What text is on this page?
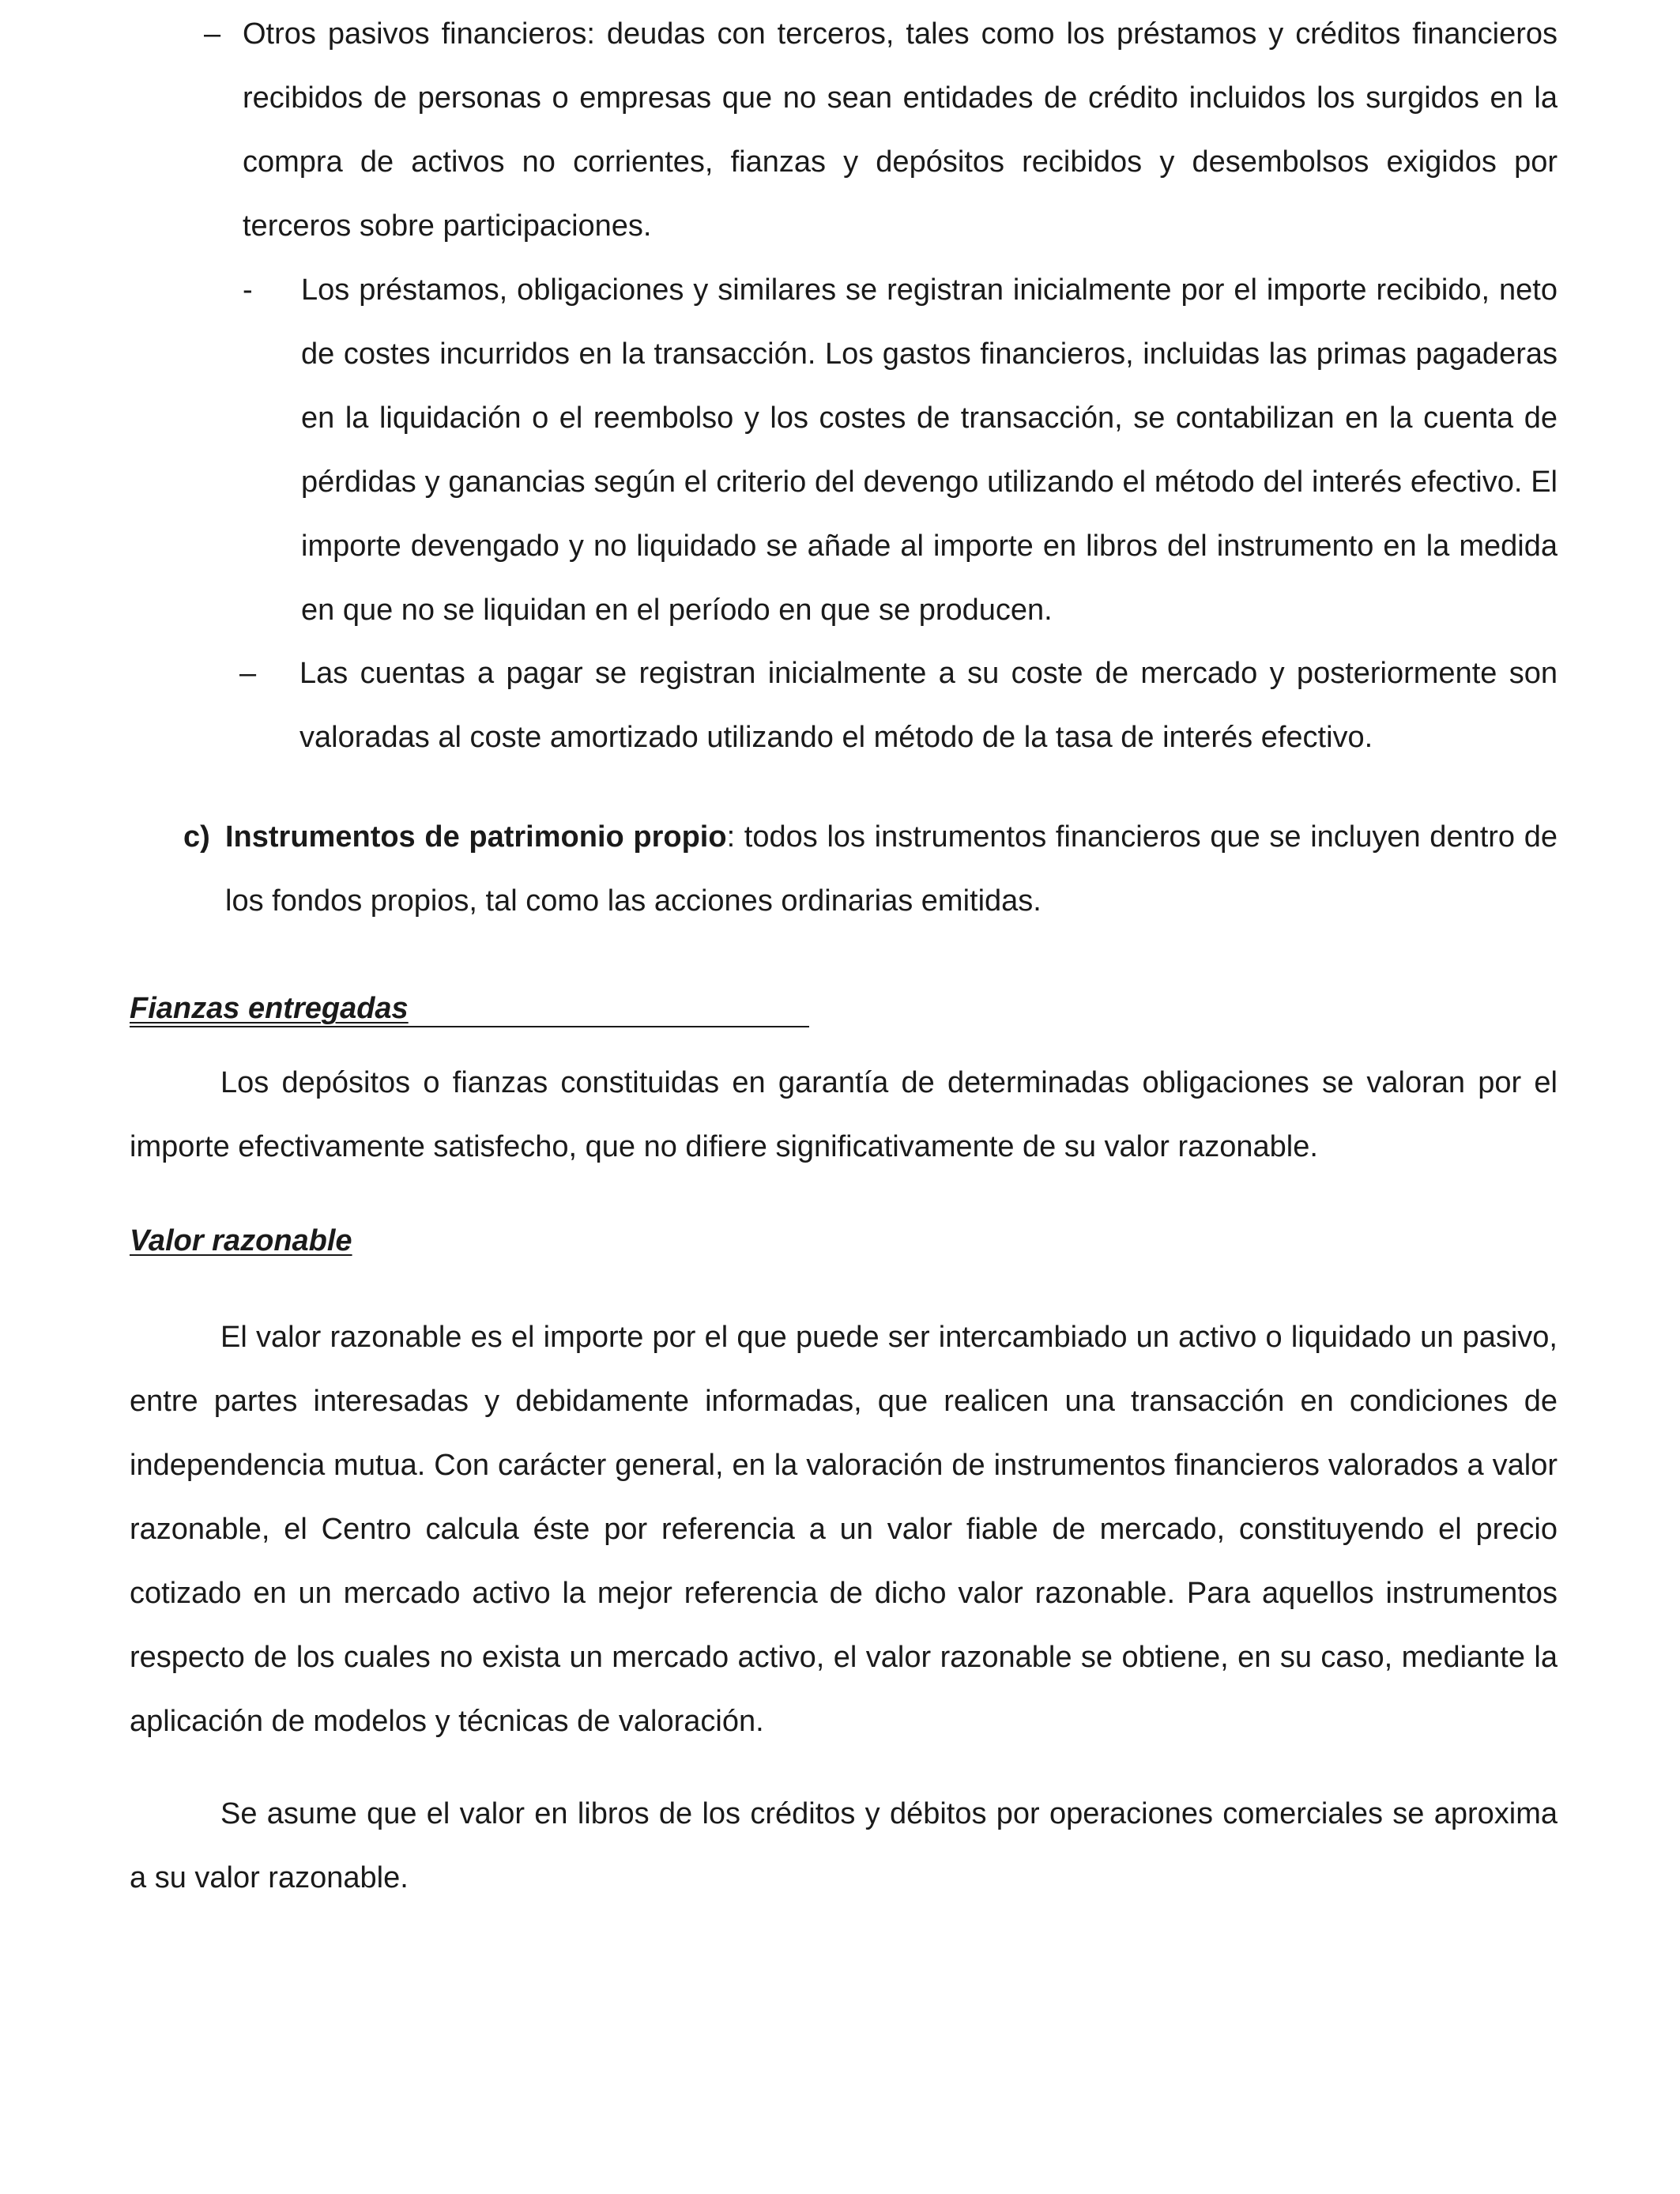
– Otros pasivos financieros: deudas con terceros, tales como los préstamos y créditos financieros recibidos de personas o empresas que no sean entidades de crédito incluidos los surgidos en la compra de activos no corrientes, fianzas y depósitos recibidos y desembolsos exigidos por terceros sobre participaciones.
- Los préstamos, obligaciones y similares se registran inicialmente por el importe recibido, neto de costes incurridos en la transacción. Los gastos financieros, incluidas las primas pagaderas en la liquidación o el reembolso y los costes de transacción, se contabilizan en la cuenta de pérdidas y ganancias según el criterio del devengo utilizando el método del interés efectivo. El importe devengado y no liquidado se añade al importe en libros del instrumento en la medida en que no se liquidan en el período en que se producen.
– Las cuentas a pagar se registran inicialmente a su coste de mercado y posteriormente son valoradas al coste amortizado utilizando el método de la tasa de interés efectivo.
c) Instrumentos de patrimonio propio: todos los instrumentos financieros que se incluyen dentro de los fondos propios, tal como las acciones ordinarias emitidas.
Fianzas entregadas
Los depósitos o fianzas constituidas en garantía de determinadas obligaciones se valoran por el importe efectivamente satisfecho, que no difiere significativamente de su valor razonable.
Valor razonable
El valor razonable es el importe por el que puede ser intercambiado un activo o liquidado un pasivo, entre partes interesadas y debidamente informadas, que realicen una transacción en condiciones de independencia mutua. Con carácter general, en la valoración de instrumentos financieros valorados a valor razonable, el Centro calcula éste por referencia a un valor fiable de mercado, constituyendo el precio cotizado en un mercado activo la mejor referencia de dicho valor razonable. Para aquellos instrumentos respecto de los cuales no exista un mercado activo, el valor razonable se obtiene, en su caso, mediante la aplicación de modelos y técnicas de valoración.
Se asume que el valor en libros de los créditos y débitos por operaciones comerciales se aproxima a su valor razonable.
